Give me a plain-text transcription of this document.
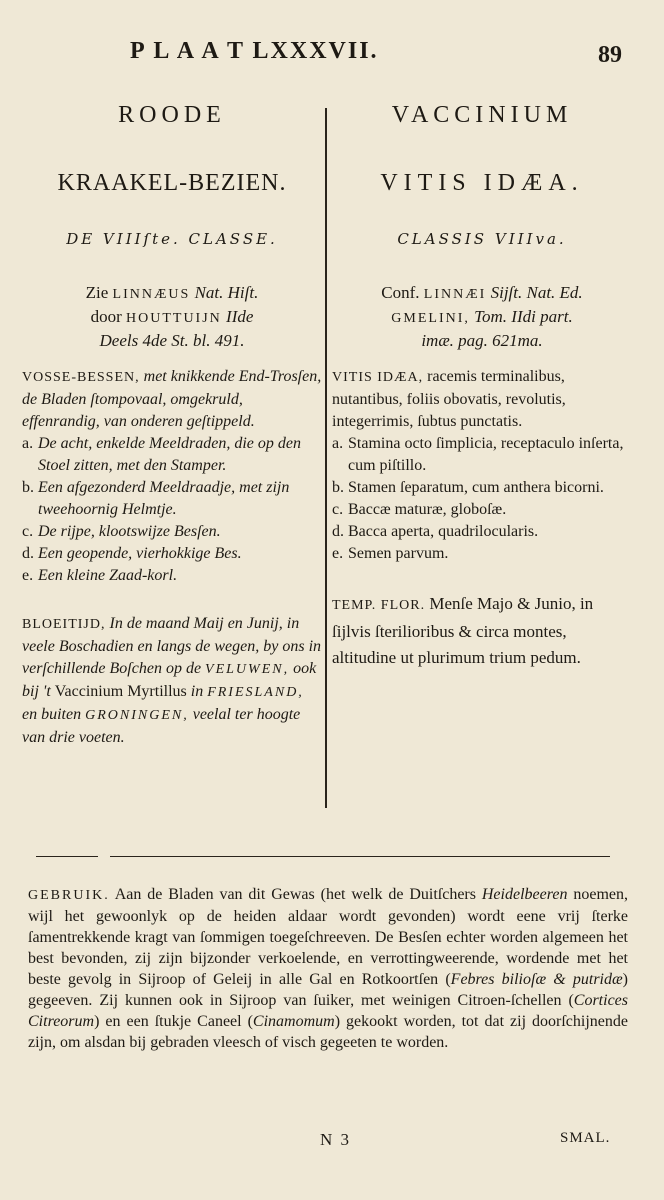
P L A A T LXXXVII.	89
ROODE
KRAAKEL-BEZIEN.
DE VIIIſte. CLASSE.
Zie LINNÆUS Nat. Hiſt.
door HOUTTUIJN IIde
Deels 4de St. bl. 491.
VOSSE-BESSEN, met knikkende End-Trosſen, de Bladen ſtompovaal, omgekruld, effenrandig, van onderen geſtippeld.
a. De acht, enkelde Meeldraden, die op den Stoel zitten, met den Stamper.
b. Een afgezonderd Meeldraadje, met zijn tweehoornig Helmtje.
c. De rijpe, klootswijze Besſen.
d. Een geopende, vierhokkige Bes.
e. Een kleine Zaad-korl.
BLOEITIJD, In de maand Maij en Junij, in veele Boschadien en langs de wegen, by ons in verſchillende Boſchen op de VELUWEN, ook bij 't Vaccinium Myrtillus in FRIESLAND, en buiten GRONINGEN, veelal ter hoogte van drie voeten.
VACCINIUM
VITIS IDÆA.
CLASSIS VIIIva.
Conf. LINNÆI Sijſt. Nat. Ed.
GMELINI, Tom. IIdi part.
imæ. pag. 621ma.
VITIS IDÆA, racemis terminalibus, nutantibus, foliis obovatis, revolutis, integerrimis, ſubtus punctatis.
a. Stamina octo ſimplicia, receptaculo inſerta, cum piſtillo.
b. Stamen ſeparatum, cum anthera bicorni.
c. Baccæ maturæ, globoſæ.
d. Bacca aperta, quadrilocularis.
e. Semen parvum.
TEMP. FLOR. Menſe Majo & Junio, in ſijlvis ſterilioribus & circa montes, altitudine ut plurimum trium pedum.
GEBRUIK. Aan de Bladen van dit Gewas (het welk de Duitſchers Heidelbeeren noemen, wijl het gewoonlyk op de heiden aldaar wordt gevonden) wordt eene vrij ſterke ſamentrekkende kragt van ſommigen toegeſchreeven. De Besſen echter worden algemeen het best bevonden, zij zijn bijzonder verkoelende, en verrottingweerende, wordende met het beste gevolg in Sijroop of Geleij in alle Gal en Rotkoortſen (Febres bilioſæ & putridæ) gegeeven. Zij kunnen ook in Sijroop van ſuiker, met weinigen Citroen-ſchellen (Cortices Citreorum) en een ſtukje Caneel (Cinamomum) gekookt worden, tot dat zij doorſchijnende zijn, om alsdan bij gebraden vleesch of visch gegeeten te worden.
N 3	SMAL.
